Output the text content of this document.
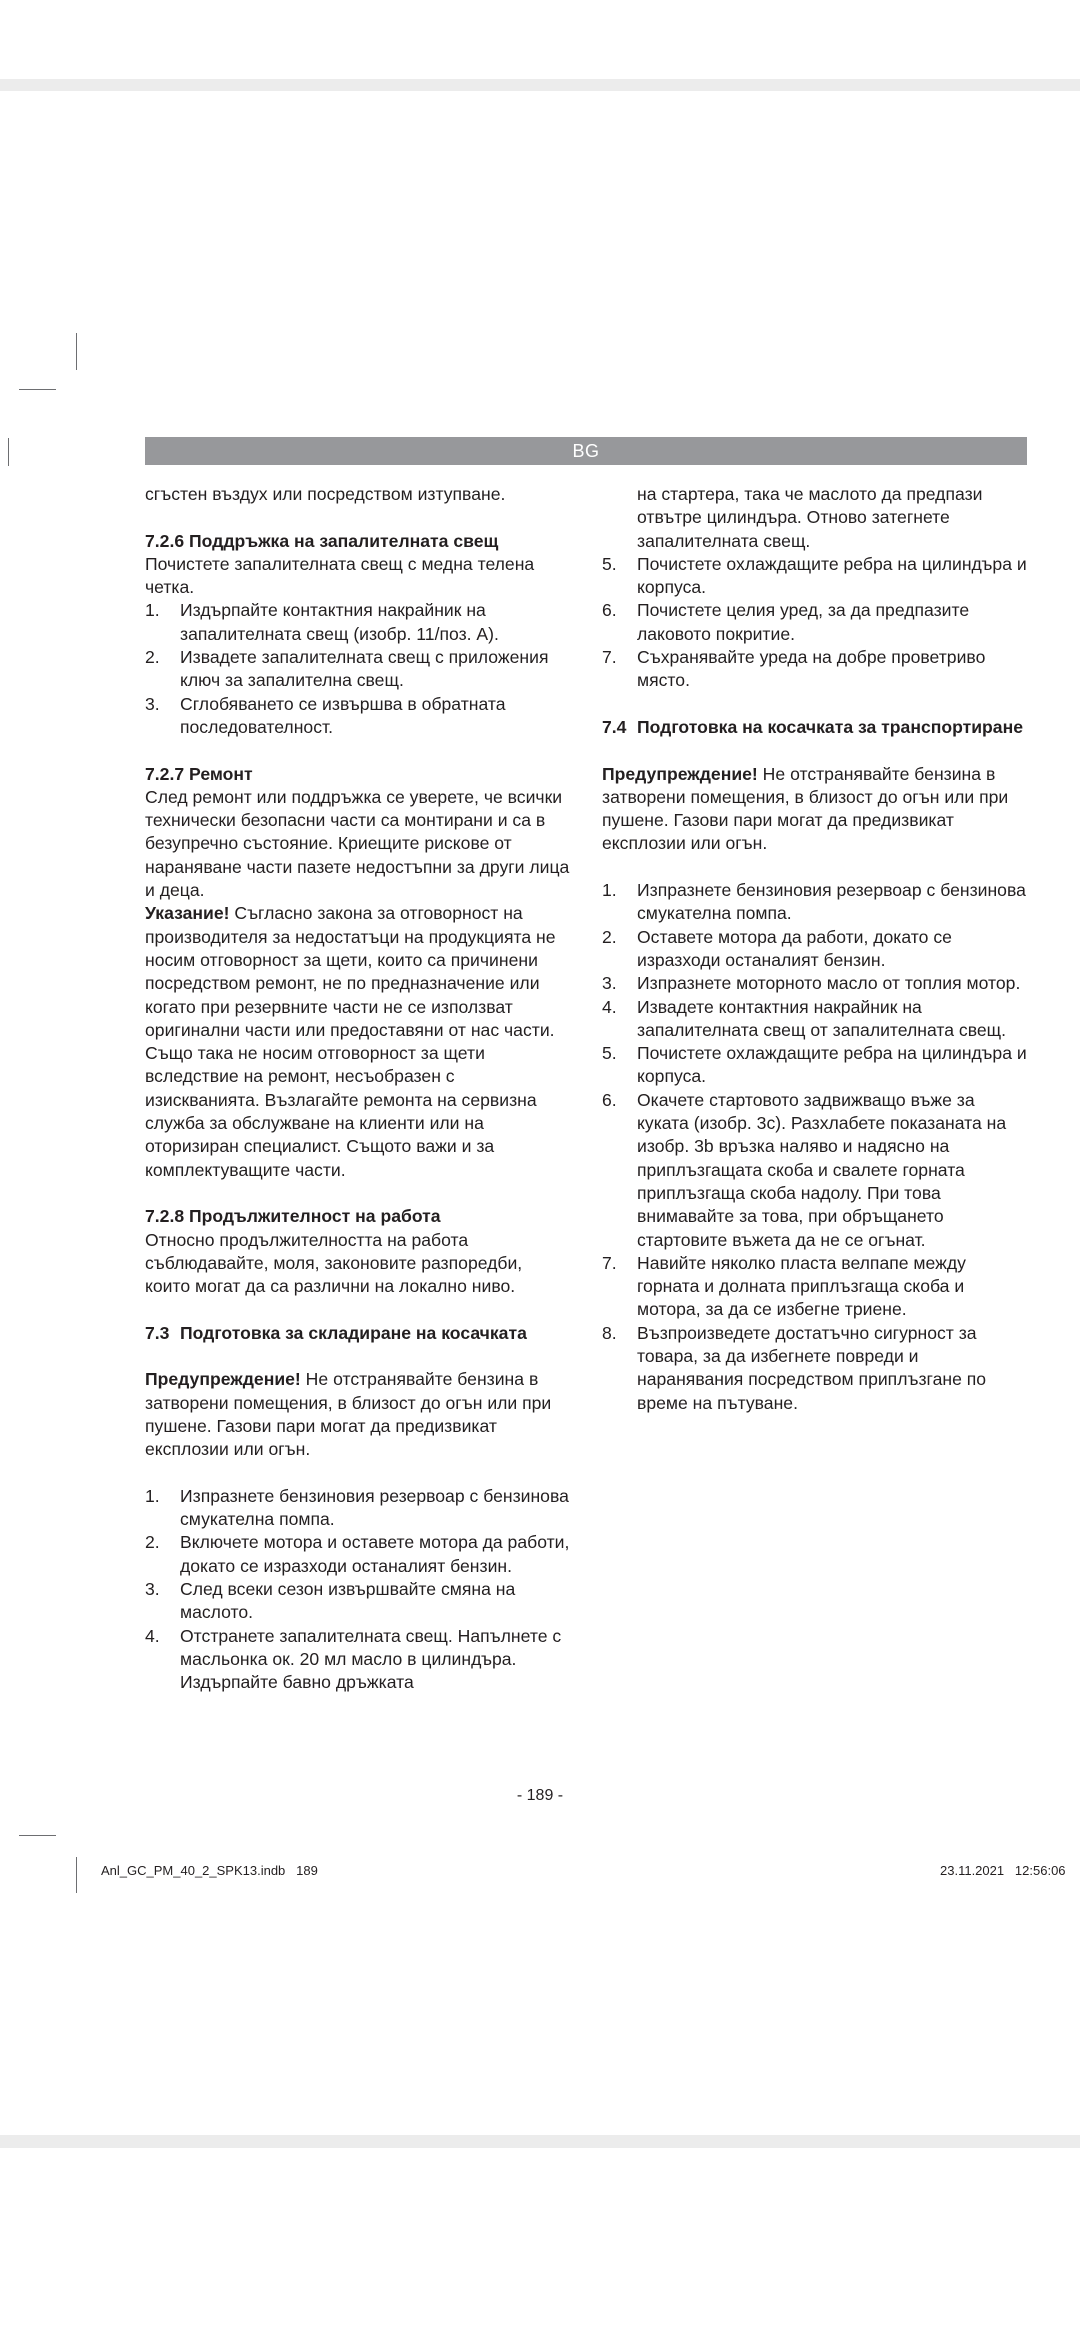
BG

сгъстен въздух или посредством изтупване.

7.2.6 Поддръжка на запалителната свещ

Почистете запалителната свещ с медна телена четка.

1.	Издърпайте контактния накрайник на запалителната свещ (изобр. 11/поз. А).
2.	Извадете запалителната свещ с приложения ключ за запалителна свещ.
3.	Сглобяването се извършва в обратната последователност.

7.2.7 Ремонт

След ремонт или поддръжка се уверете, че всички технически безопасни части са монтирани и са в безупречно състояние. Криещите рискове от нараняване части пазете недостъпни за други лица и деца.

Указание! Съгласно закона за отговорност на производителя за недостатъци на продукцията не носим отговорност за щети, които са причинени посредством ремонт, не по предназначение или когато при резервните части не се използват оригинални части или предоставяни от нас части. Също така не носим отговорност за щети вследствие на ремонт, несъобразен с изискванията. Възлагайте ремонта на сервизна служба за обслужване на клиенти или на оторизиран специалист. Същото важи и за комплектуващите части.

7.2.8 Продължителност на работа

Относно продължителността на работа съблюдавайте, моля, законовите разпоредби, които могат да са различни на локално ниво.

7.3 Подготовка за складиране на косачката

Предупреждение! Не отстранявайте бензина в затворени помещения, в близост до огън или при пушене. Газови пари могат да предизвикат експлозии или огън.

1.	Изпразнете бензиновия резервоар с бензинова смукателна помпа.
2.	Включете мотора и оставете мотора да работи, докато се изразходи останалият бензин.
3.	След всеки сезон извършвайте смяна на маслото.
4.	Отстранете запалителната свещ. Напълнете с масльонка ок. 20 мл масло в цилиндъра. Издърпайте бавно дръжката

на стартера, така че маслото да предпази отвътре цилиндъра. Отново затегнете запалителната свещ.

5.	Почистете охлаждащите ребра на цилиндъра и корпуса.
6.	Почистете целия уред, за да предпазите лаковото покритие.
7.	Съхранявайте уреда на добре проветриво място.
7.4 Подготовка на косачката за транспортиране

Предупреждение! Не отстранявайте бензина в затворени помещения, в близост до огън или при пушене. Газови пари могат да предизвикат експлозии или огън.

1.	Изпразнете бензиновия резервоар с бензинова смукателна помпа.
2.	Оставете мотора да работи, докато се изразходи останалият бензин.
3.	Изпразнете моторното масло от топлия мотор.
4.	Извадете контактния накрайник на запалителната свещ от запалителната свещ.
5.	Почистете охлаждащите ребра на цилиндъра и корпуса.
6.	Окачете стартовото задвижващо въже за куката (изобр. 3c). Разхлабете показаната на изобр. 3b връзка наляво и надясно на приплъзгащата скоба и свалете горната приплъзгаща скоба надолу. При това внимавайте за това, при обръщането стартовите въжета да не се огънат.
7.	Навийте няколко пласта велпапе между горната и долната приплъзгаща скоба и мотора, за да се избегне триене.
8.	Възпроизведете достатъчно сигурност за товара, за да избегнете повреди и наранявания посредством приплъзгане по време на пътуване.
- 189 -
Anl_GC_PM_40_2_SPK13.indb   189	23.11.2021   12:56:06
